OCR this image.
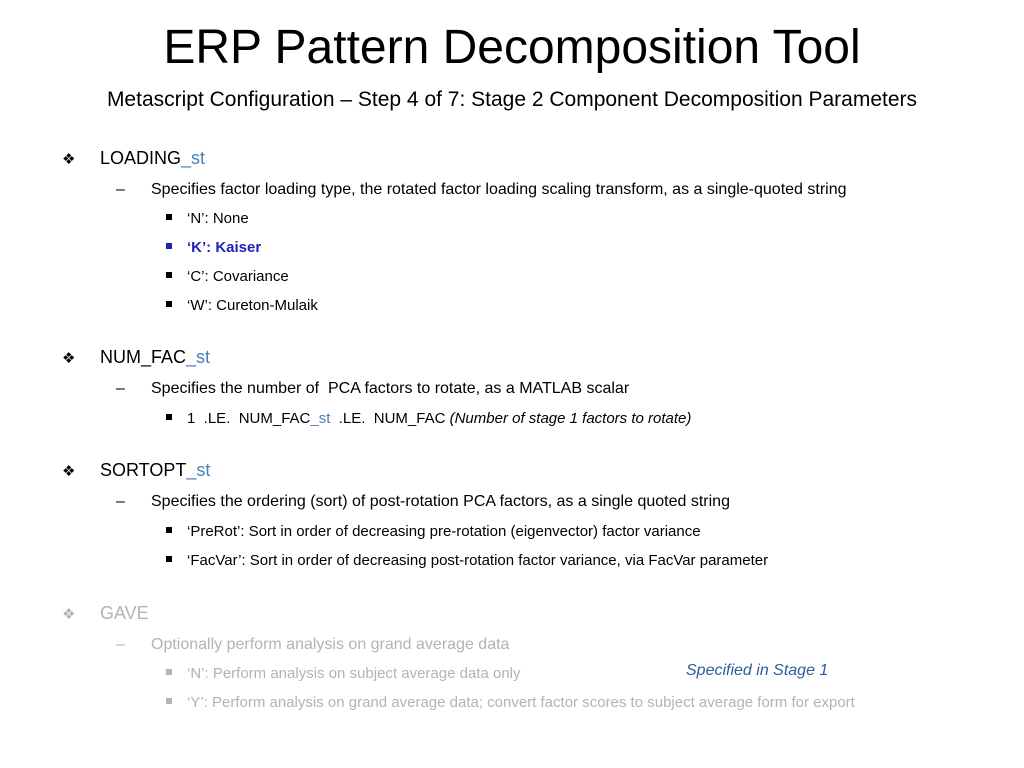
ERP Pattern Decomposition Tool
Metascript Configuration – Step 4 of 7: Stage 2 Component Decomposition Parameters
❖ LOADING_st
– Specifies factor loading type, the rotated factor loading scaling transform, as a single-quoted string
‘N’: None
‘K’: Kaiser
‘C’: Covariance
‘W’: Cureton-Mulaik
❖ NUM_FAC_st
– Specifies the number of  PCA factors to rotate, as a MATLAB scalar
1  .LE.  NUM_FAC_st  .LE.  NUM_FAC (Number of stage 1 factors to rotate)
❖ SORTOPT_st
– Specifies the ordering (sort) of post-rotation PCA factors, as a single quoted string
‘PreRot’: Sort in order of decreasing pre-rotation (eigenvector) factor variance
‘FacVar’: Sort in order of decreasing post-rotation factor variance, via FacVar parameter
❖ GAVE
– Optionally perform analysis on grand average data
‘N’: Perform analysis on subject average data only
‘Y’: Perform analysis on grand average data; convert factor scores to subject average form for export
Specified in Stage 1
